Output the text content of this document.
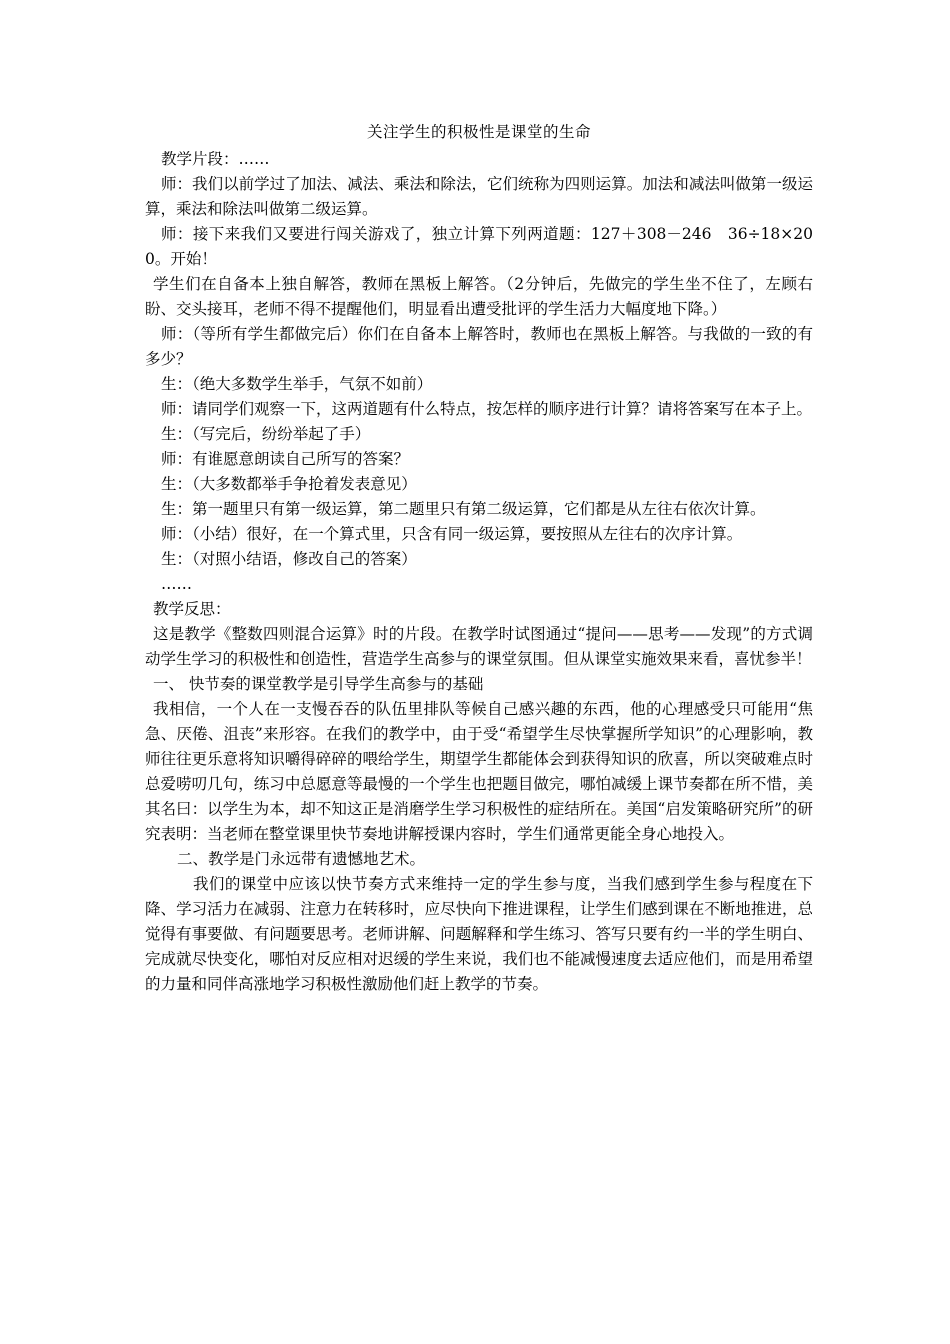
关注学生的积极性是课堂的生命

教学片段：……

师：我们以前学过了加法、减法、乘法和除法，它们统称为四则运算。加法和减法叫做第一级运算，乘法和除法叫做第二级运算。

师：接下来我们又要进行闯关游戏了，独立计算下列两道题：127＋308－246　36÷18×200。开始！

学生们在自备本上独自解答，教师在黑板上解答。（2分钟后，先做完的学生坐不住了，左顾右盼、交头接耳，老师不得不提醒他们，明显看出遭受批评的学生活力大幅度地下降。）

师：（等所有学生都做完后）你们在自备本上解答时，教师也在黑板上解答。与我做的一致的有多少？

生：（绝大多数学生举手，气氛不如前）

师：请同学们观察一下，这两道题有什么特点，按怎样的顺序进行计算？请将答案写在本子上。

生：（写完后，纷纷举起了手）

师：有谁愿意朗读自己所写的答案？

生：（大多数都举手争抢着发表意见）

生：第一题里只有第一级运算，第二题里只有第二级运算，它们都是从左往右依次计算。

师：（小结）很好，在一个算式里，只含有同一级运算，要按照从左往右的次序计算。

生：（对照小结语，修改自己的答案）

……

教学反思：

这是教学《整数四则混合运算》时的片段。在教学时试图通过“提问——思考——发现”的方式调动学生学习的积极性和创造性，营造学生高参与的课堂氛围。但从课堂实施效果来看，喜忧参半！

一、 快节奏的课堂教学是引导学生高参与的基础

我相信，一个人在一支慢吞吞的队伍里排队等候自己感兴趣的东西，他的心理感受只可能用“焦急、厌倦、沮丧”来形容。在我们的教学中，由于受“希望学生尽快掌握所学知识”的心理影响，教师往往更乐意将知识嚼得碎碎的喂给学生，期望学生都能体会到获得知识的欣喜，所以突破难点时总爱唠叨几句，练习中总愿意等最慢的一个学生也把题目做完，哪怕减缓上课节奏都在所不惜，美其名曰：以学生为本，却不知这正是消磨学生学习积极性的症结所在。美国“启发策略研究所”的研究表明：当老师在整堂课里快节奏地讲解授课内容时，学生们通常更能全身心地投入。

二、教学是门永远带有遗憾地艺术。

我们的课堂中应该以快节奏方式来维持一定的学生参与度，当我们感到学生参与程度在下降、学习活力在减弱、注意力在转移时，应尽快向下推进课程，让学生们感到课在不断地推进，总觉得有事要做、有问题要思考。老师讲解、问题解释和学生练习、答写只要有约一半的学生明白、完成就尽快变化，哪怕对反应相对迟缓的学生来说，我们也不能减慢速度去适应他们，而是用希望的力量和同伴高涨地学习积极性激励他们赶上教学的节奏。
